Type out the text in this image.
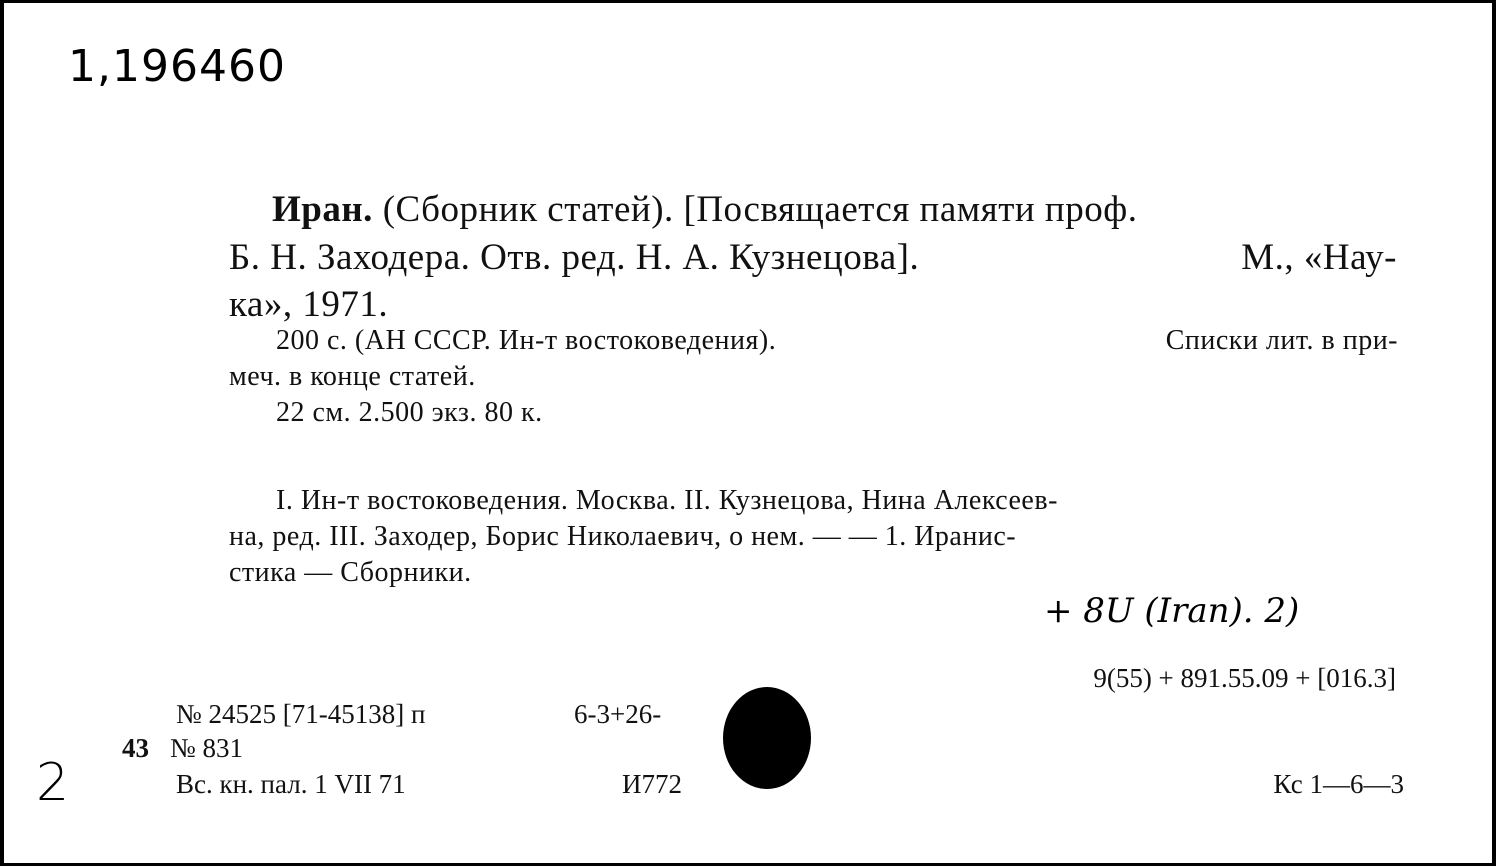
1,196460
Иран. (Сборник статей). [Посвящается памяти проф.
Б. Н. Заходера. Отв. ред. Н. А. Кузнецова].	М., «Нау-
ка», 1971.
200 с. (АН СССР. Ин-т востоковедения).	Списки лит. в при-
меч. в конце статей.
22 см. 2.500 экз. 80 к.
I. Ин-т востоковедения. Москва. II. Кузнецова, Нина Алексеев-
на, ред. III. Заходер, Борис Николаевич, о нем. — — 1. Иранис-
стика — Сборники.
+ 8U (Iran). 2)
9(55) + 891.55.09 + [016.3]
№ 24525 [71-45138] п	6-3+26-
43 № 831
Вс. кн. пал. 1 VII 71	И772	Кс 1—6—3
2
